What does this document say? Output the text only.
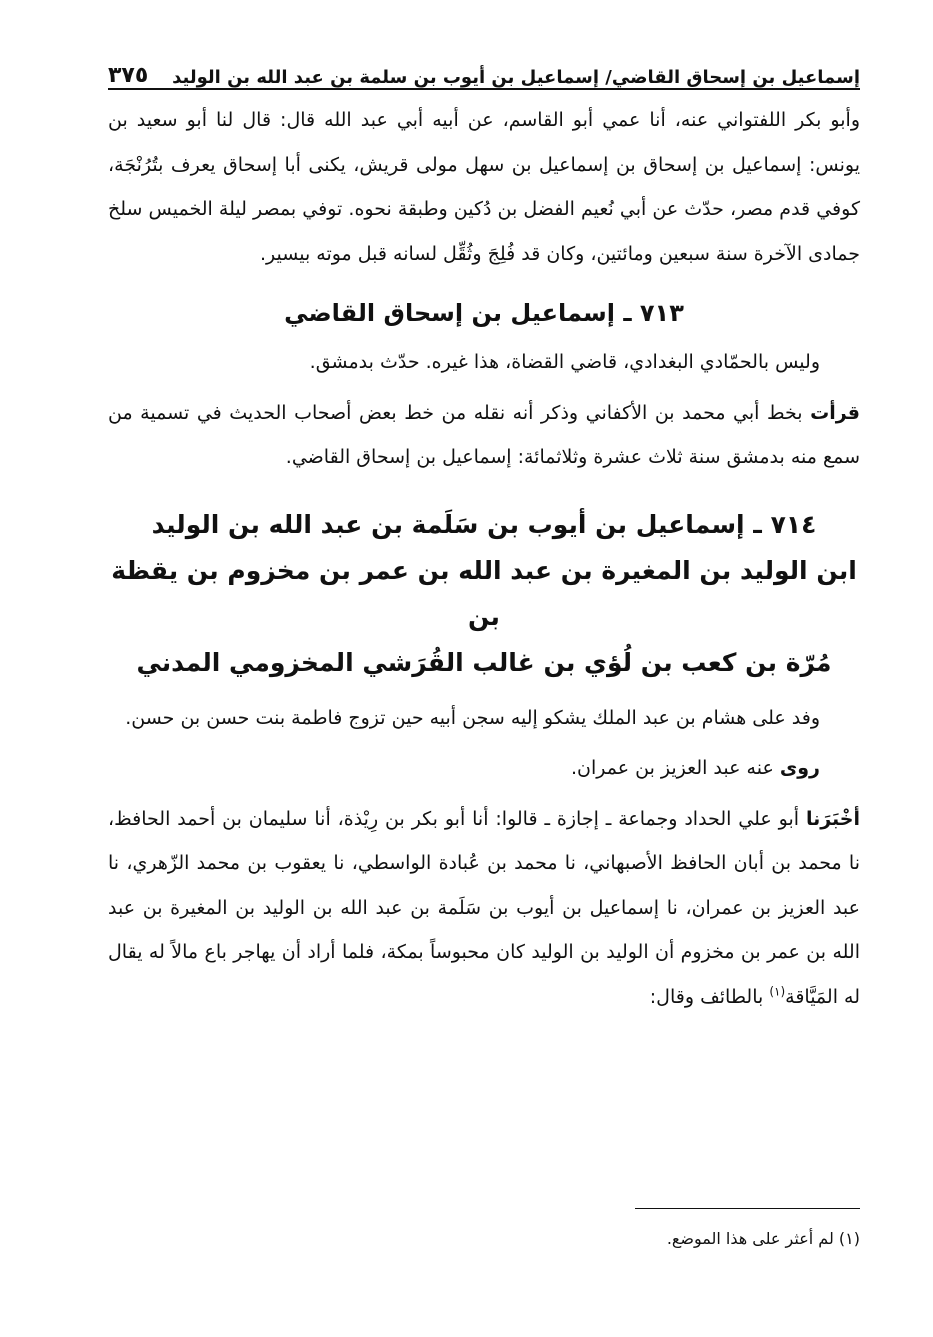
إسماعيل بن إسحاق القاضي/ إسماعيل بن أيوب بن سلمة بن عبد الله بن الوليد
٣٧٥

وأبو بكر اللفتواني عنه، أنا عمي أبو القاسم، عن أبيه أبي عبد الله قال: قال لنا أبو سعيد بن يونس: إسماعيل بن إسحاق بن إسماعيل بن سهل مولى قريش، يكنى أبا إسحاق يعرف بتُرُنْجَة، كوفي قدم مصر، حدّث عن أبي نُعيم الفضل بن دُكين وطبقة نحوه. توفي بمصر ليلة الخميس سلخ جمادى الآخرة سنة سبعين ومائتين، وكان قد فُلِجَ وثُقِّل لسانه قبل موته بيسير.

٧١٣ ـ إسماعيل بن إسحاق القاضي

وليس بالحمّادي البغدادي، قاضي القضاة، هذا غيره. حدّث بدمشق.

قرأت بخط أبي محمد بن الأكفاني وذكر أنه نقله من خط بعض أصحاب الحديث في تسمية من سمع منه بدمشق سنة ثلاث عشرة وثلاثمائة: إسماعيل بن إسحاق القاضي.

٧١٤ ـ إسماعيل بن أيوب بن سَلَمة بن عبد الله بن الوليد
ابن الوليد بن المغيرة بن عبد الله بن عمر بن مخزوم بن يقظة بن
مُرّة بن كعب بن لُؤي بن غالب القُرَشي المخزومي المدني

وفد على هشام بن عبد الملك يشكو إليه سجن أبيه حين تزوج فاطمة بنت حسن بن حسن.

روى عنه عبد العزيز بن عمران.

أخْبَرَنا أبو علي الحداد وجماعة ـ إجازة ـ قالوا: أنا أبو بكر بن رِيْذة، أنا سليمان بن أحمد الحافظ، نا محمد بن أبان الحافظ الأصبهاني، نا محمد بن عُبادة الواسطي، نا يعقوب بن محمد الزّهري، نا عبد العزيز بن عمران، نا إسماعيل بن أيوب بن سَلَمة بن عبد الله بن الوليد بن المغيرة بن عبد الله بن عمر بن مخزوم أن الوليد بن الوليد كان محبوساً بمكة، فلما أراد أن يهاجر باع مالاً له يقال له المَيَّاقة$^{(١)}$ بالطائف وقال:

(١) لم أعثر على هذا الموضع.
